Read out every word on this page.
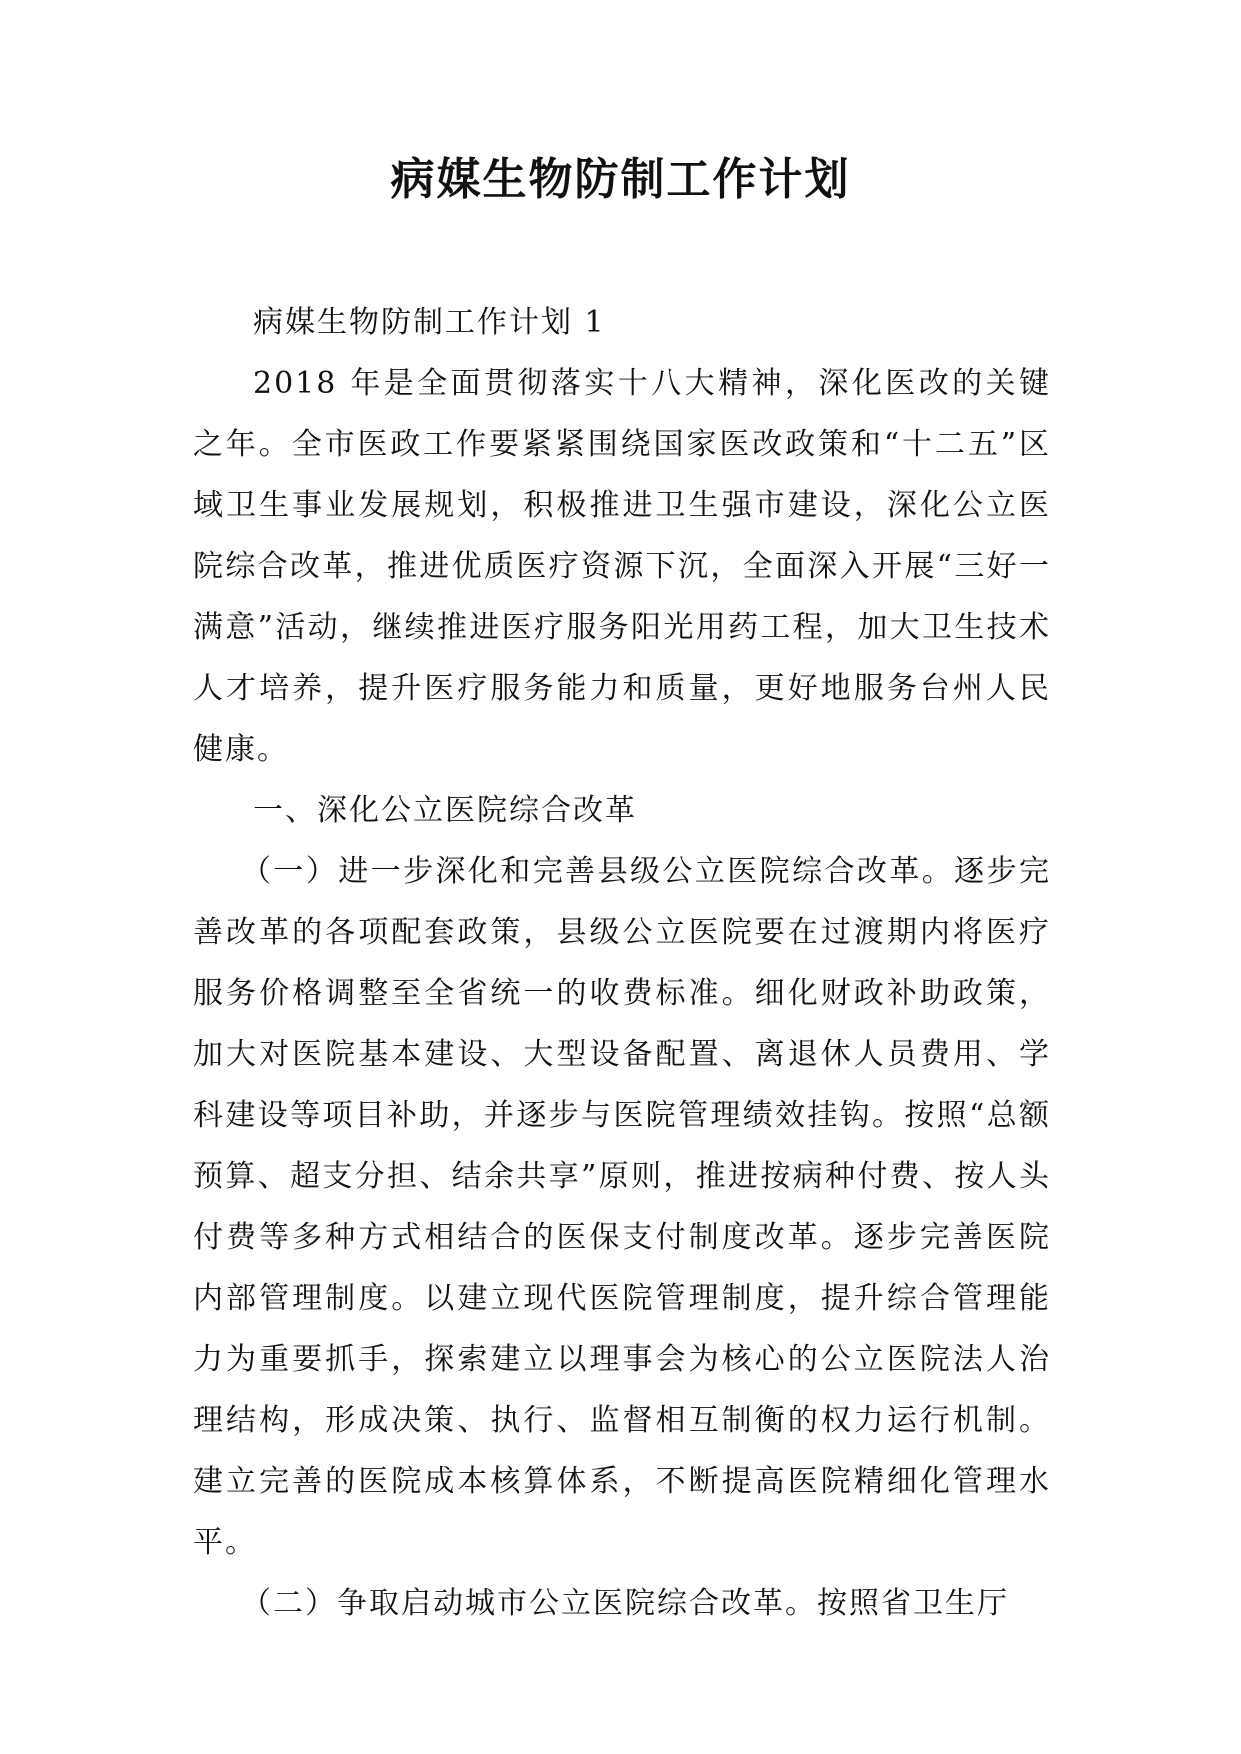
病媒生物防制工作计划

病媒生物防制工作计划 1

2018 年是全面贯彻落实十八大精神，深化医改的关键之年。全市医政工作要紧紧围绕国家医改政策和“十二五”区域卫生事业发展规划，积极推进卫生强市建设，深化公立医院综合改革，推进优质医疗资源下沉，全面深入开展“三好一满意”活动，继续推进医疗服务阳光用药工程，加大卫生技术人才培养，提升医疗服务能力和质量，更好地服务台州人民健康。

一、深化公立医院综合改革

（一）进一步深化和完善县级公立医院综合改革。逐步完善改革的各项配套政策，县级公立医院要在过渡期内将医疗服务价格调整至全省统一的收费标准。细化财政补助政策，加大对医院基本建设、大型设备配置、离退休人员费用、学科建设等项目补助，并逐步与医院管理绩效挂钩。按照“总额预算、超支分担、结余共享”原则，推进按病种付费、按人头付费等多种方式相结合的医保支付制度改革。逐步完善医院内部管理制度。以建立现代医院管理制度，提升综合管理能力为重要抓手，探索建立以理事会为核心的公立医院法人治理结构，形成决策、执行、监督相互制衡的权力运行机制。建立完善的医院成本核算体系，不断提高医院精细化管理水平。

（二）争取启动城市公立医院综合改革。按照省卫生厅
